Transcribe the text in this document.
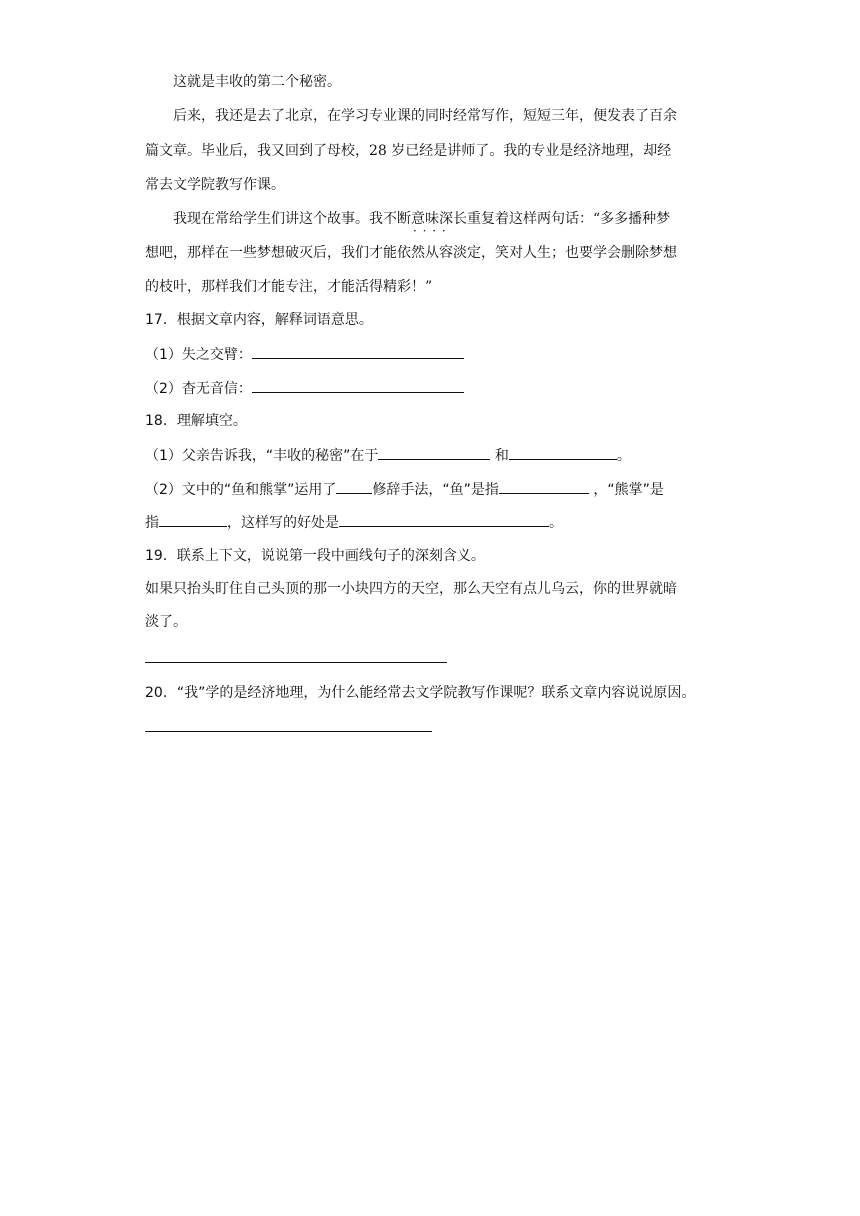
这就是丰收的第二个秘密。
后来，我还是去了北京，在学习专业课的同时经常写作，短短三年，便发表了百余
篇文章。毕业后，我又回到了母校，28 岁已经是讲师了。我的专业是经济地理，却经
常去文学院教写作课。
我现在常给学生们讲这个故事。我不断意味深长 · · · ·重复着这样两句话：“多多播种梦
想吧，那样在一些梦想破灭后，我们才能依然从容淡定，笑对人生；也要学会删除梦想
的枝叶，那样我们才能专注，才能活得精彩！”
17．根据文章内容，解释词语意思。
（1）失之交臂：
（2）杳无音信：
18．理解填空。
（1）父亲告诉我，“丰收的秘密”在于	和	。
（2）文中的“鱼和熊掌”运用了	修辞手法，“鱼”是指	，“熊掌”是
指	，这样写的好处是	。
19．联系上下文，说说第一段中画线句子的深刻含义。
如果只抬头盯住自己头顶的那一小块四方的天空，那么天空有点儿乌云，你的世界就暗
淡了。
20．“我”学的是经济地理，为什么能经常去文学院教写作课呢？联系文章内容说说原因。
